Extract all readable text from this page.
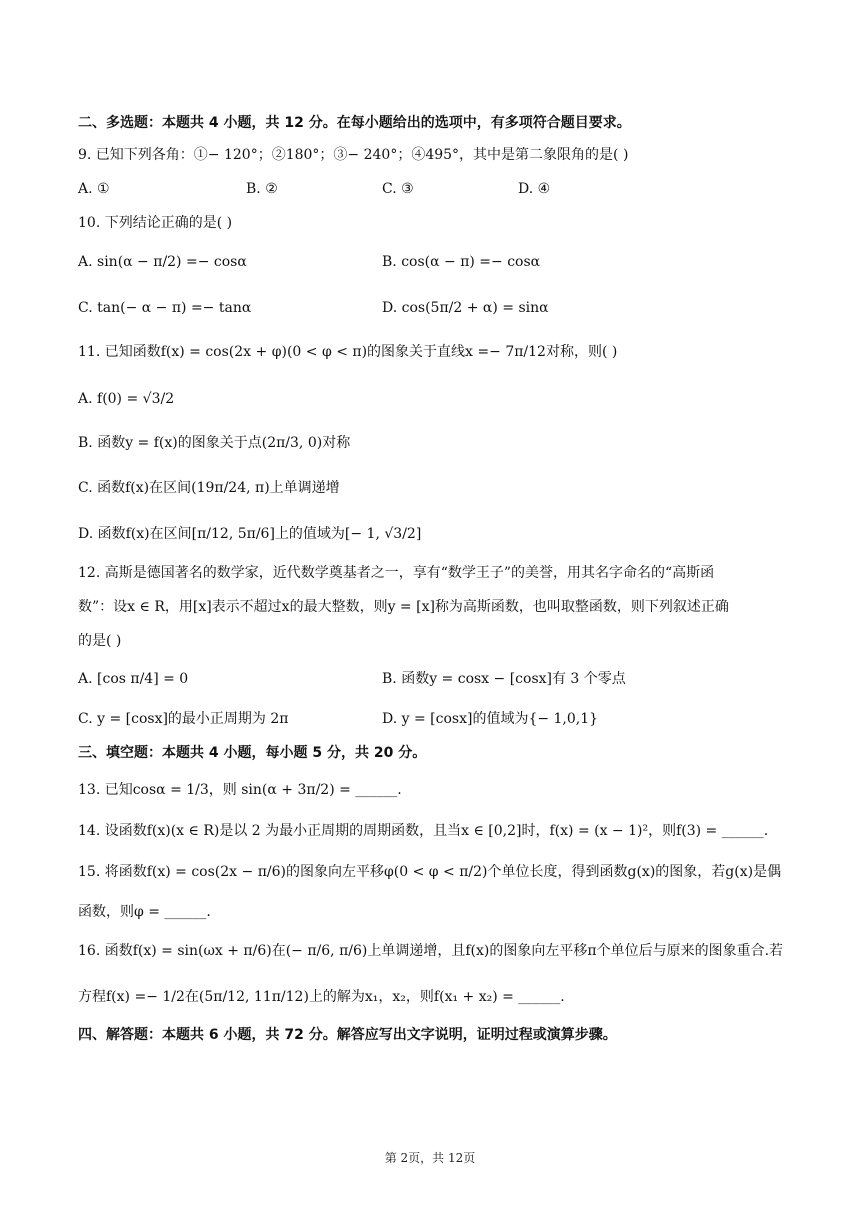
二、多选题：本题共 4 小题，共 12 分。在每小题给出的选项中，有多项符合题目要求。
9. 已知下列各角：①− 120°；②180°；③− 240°；④495°，其中是第二象限角的是( )
A. ①	B. ②	C. ③	D. ④
10. 下列结论正确的是( )
A. sin(α − π/2) =− cosα	B. cos(α − π) =− cosα
C. tan(− α − π) =− tanα	D. cos(5π/2 + α) = sinα
11. 已知函数f(x) = cos(2x + φ)(0 < φ < π)的图象关于直线x =− 7π/12对称，则( )
A. f(0) = √3/2
B. 函数y = f(x)的图象关于点(2π/3, 0)对称
C. 函数f(x)在区间(19π/24, π)上单调递增
D. 函数f(x)在区间[π/12, 5π/6]上的值域为[− 1, √3/2]
12. 高斯是德国著名的数学家，近代数学奠基者之一，享有“数学王子”的美誉，用其名字命名的“高斯函
数”：设x ∈ R，用[x]表示不超过x的最大整数，则y = [x]称为高斯函数，也叫取整函数，则下列叙述正确
的是( )
A. [cos π/4] = 0	B. 函数y = cosx − [cosx]有 3 个零点
C. y = [cosx]的最小正周期为 2π	D. y = [cosx]的值域为{− 1,0,1}
三、填空题：本题共 4 小题，每小题 5 分，共 20 分。
13. 已知cosα = 1/3，则 sin(α + 3π/2) = ______.
14. 设函数f(x)(x ∈ R)是以 2 为最小正周期的周期函数，且当x ∈ [0,2]时，f(x) = (x − 1)²，则f(3) = ______.
15. 将函数f(x) = cos(2x − π/6)的图象向左平移φ(0 < φ < π/2)个单位长度，得到函数g(x)的图象，若g(x)是偶
函数，则φ = ______.
16. 函数f(x) = sin(ωx + π/6)在(− π/6, π/6)上单调递增，且f(x)的图象向左平移π个单位后与原来的图象重合.若
方程f(x) =− 1/2在(5π/12, 11π/12)上的解为x₁，x₂，则f(x₁ + x₂) = ______.
四、解答题：本题共 6 小题，共 72 分。解答应写出文字说明，证明过程或演算步骤。
第 2页，共 12页
